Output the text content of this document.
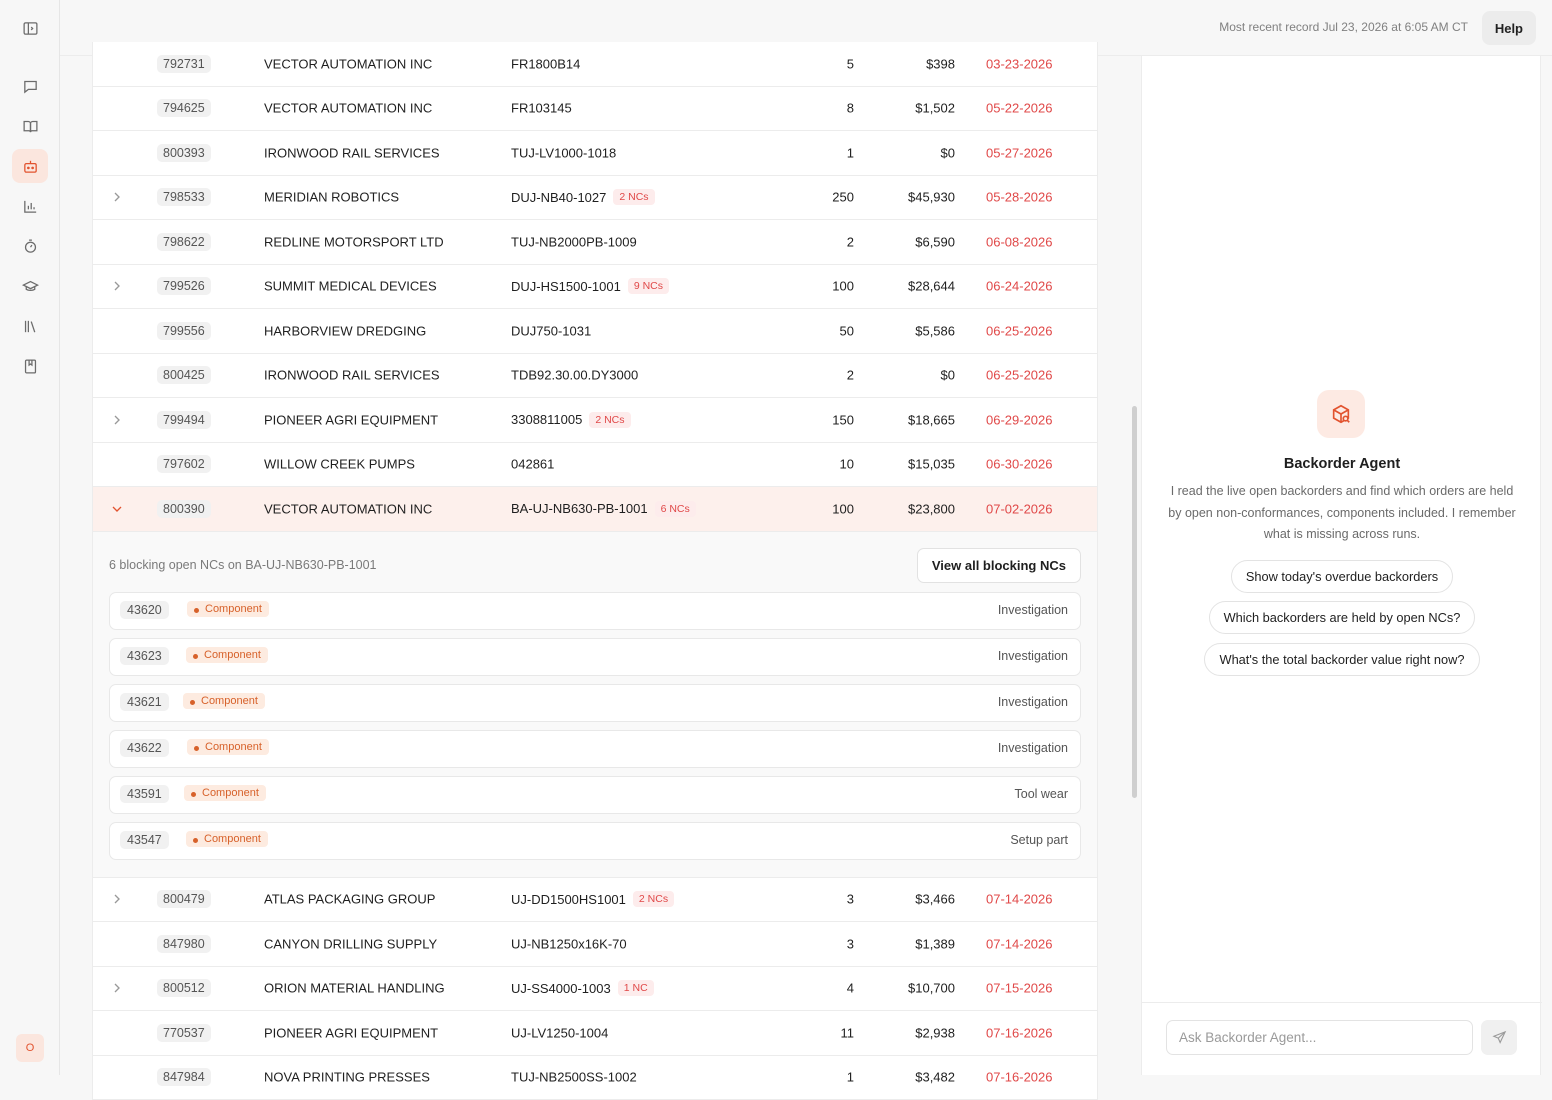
O
Most recent record Jul 23, 2026 at 6:05 AM CT	Help
792731	VECTOR AUTOMATION INC	FR1800B14	5	$398 03-23-2026
794625	VECTOR AUTOMATION INC	FR103145	8	$1,502 05-22-2026
800393	IRONWOOD RAIL SERVICES	TUJ-LV1000-1018	1	$0 05-27-2026
798533	MERIDIAN ROBOTICS	DUJ-NB40-1027	2 NCs	250	$45,930 05-28-2026
798622	REDLINE MOTORSPORT LTD	TUJ-NB2000PB-1009	2	$6,590 06-08-2026
799526	SUMMIT MEDICAL DEVICES	DUJ-HS1500-1001	9 NCs	100	$28,644 06-24-2026
799556	HARBORVIEW DREDGING	DUJ750-1031	50	$5,586 06-25-2026
800425	IRONWOOD RAIL SERVICES	TDB92.30.00.DY3000	2	$0 06-25-2026
799494	PIONEER AGRI EQUIPMENT	3308811005	2 NCs	150	$18,665 06-29-2026
797602	WILLOW CREEK PUMPS	042861	10	$15,035 06-30-2026
800390	VECTOR AUTOMATION INC	BA-UJ-NB630-PB-1001	6 NCs	100	$23,800 07-02-2026
6 blocking open NCs on BA-UJ-NB630-PB-1001	View all blocking NCs
43620	Component	Investigation
43623	Component	Investigation
43621	Component	Investigation
43622	Component	Investigation
43591	Component	Tool wear
43547	Component	Setup part
800479	ATLAS PACKAGING GROUP	UJ-DD1500HS1001	2 NCs	3	$3,466 07-14-2026
847980	CANYON DRILLING SUPPLY	UJ-NB1250x16K-70	3	$1,389 07-14-2026
800512	ORION MATERIAL HANDLING	UJ-SS4000-1003	1 NC	4	$10,700 07-15-2026
770537	PIONEER AGRI EQUIPMENT	UJ-LV1250-1004	11	$2,938 07-16-2026
847984	NOVA PRINTING PRESSES	TUJ-NB2500SS-1002	1	$3,482 07-16-2026
Backorder Agent
I read the live open backorders and find which orders are held by open non-conformances, components included. I remember what is missing across runs.
Show today's overdue backorders
Which backorders are held by open NCs?
What's the total backorder value right now?
Ask Backorder Agent...
